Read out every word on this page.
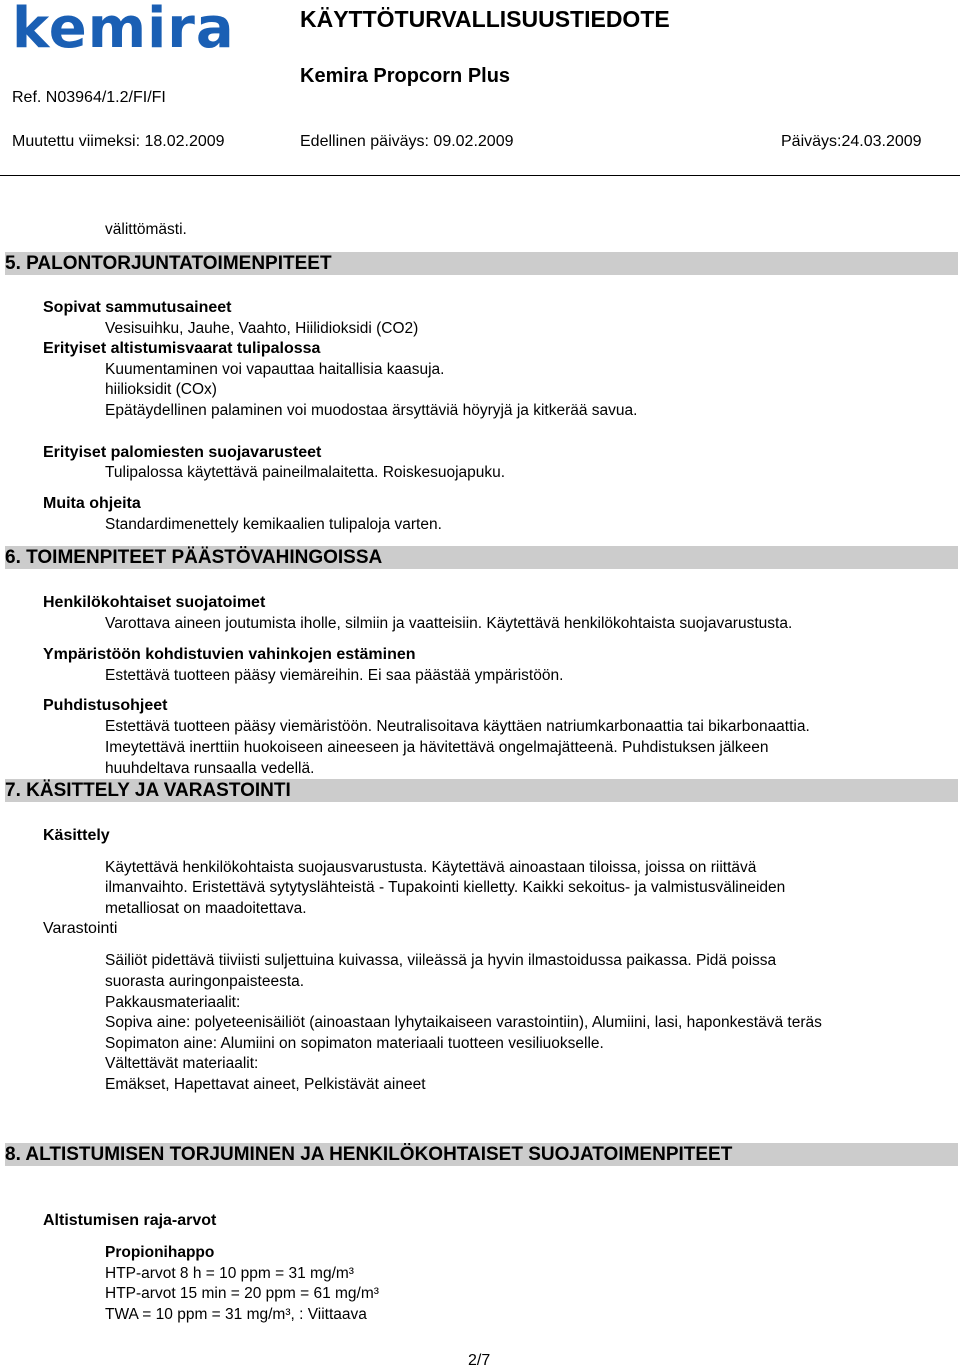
kemira	KÄYTTÖTURVALLISUUSTIEDOTE
Kemira Propcorn Plus
Ref. N03964/1.2/FI/FI
Muutettu viimeksi: 18.02.2009	Edellinen päiväys: 09.02.2009	Päiväys:24.03.2009
välittömästi.
5. PALONTORJUNTATOIMENPITEET
Sopivat sammutusaineet
Vesisuihku, Jauhe, Vaahto, Hiilidioksidi (CO2)
Erityiset altistumisvaarat tulipalossa
Kuumentaminen voi vapauttaa haitallisia kaasuja.
hiilioksidit (COx)
Epätäydellinen palaminen voi muodostaa ärsyttäviä höyryjä ja kitkerää savua.
Erityiset palomiesten suojavarusteet
Tulipalossa käytettävä paineilmalaitetta. Roiskesuojapuku.
Muita ohjeita
Standardimenettely kemikaalien tulipaloja varten.
6. TOIMENPITEET PÄÄSTÖVAHINGOISSA
Henkilökohtaiset suojatoimet
Varottava aineen joutumista iholle, silmiin ja vaatteisiin. Käytettävä henkilökohtaista suojavarustusta.
Ympäristöön kohdistuvien vahinkojen estäminen
Estettävä tuotteen pääsy viemäreihin. Ei saa päästää ympäristöön.
Puhdistusohjeet
Estettävä tuotteen pääsy viemäristöön. Neutralisoitava käyttäen natriumkarbonaattia tai bikarbonaattia.
Imeytettävä inerttiin huokoiseen aineeseen ja hävitettävä ongelmajätteenä. Puhdistuksen jälkeen
huuhdeltava runsaalla vedellä.
7. KÄSITTELY JA VARASTOINTI
Käsittely
Käytettävä henkilökohtaista suojausvarustusta. Käytettävä ainoastaan tiloissa, joissa on riittävä
ilmanvaihto. Eristettävä sytytyslähteistä - Tupakointi kielletty. Kaikki sekoitus- ja valmistusvälineiden
metalliosat on maadoitettava.
Varastointi
Säiliöt pidettävä tiiviisti suljettuina kuivassa, viileässä ja hyvin ilmastoidussa paikassa. Pidä poissa
suorasta auringonpaisteesta.
Pakkausmateriaalit:
Sopiva aine: polyeteenisäiliöt (ainoastaan lyhytaikaiseen varastointiin), Alumiini, lasi, haponkestävä teräs
Sopimaton aine: Alumiini on sopimaton materiaali tuotteen vesiliuokselle.
Vältettävät materiaalit:
Emäkset, Hapettavat aineet, Pelkistävät aineet
8. ALTISTUMISEN TORJUMINEN JA HENKILÖKOHTAISET SUOJATOIMENPITEET
Altistumisen raja-arvot
Propionihappo
HTP-arvot 8 h = 10 ppm = 31 mg/m³
HTP-arvot 15 min = 20 ppm = 61 mg/m³
TWA = 10 ppm = 31 mg/m³, : Viittaava
2/7
